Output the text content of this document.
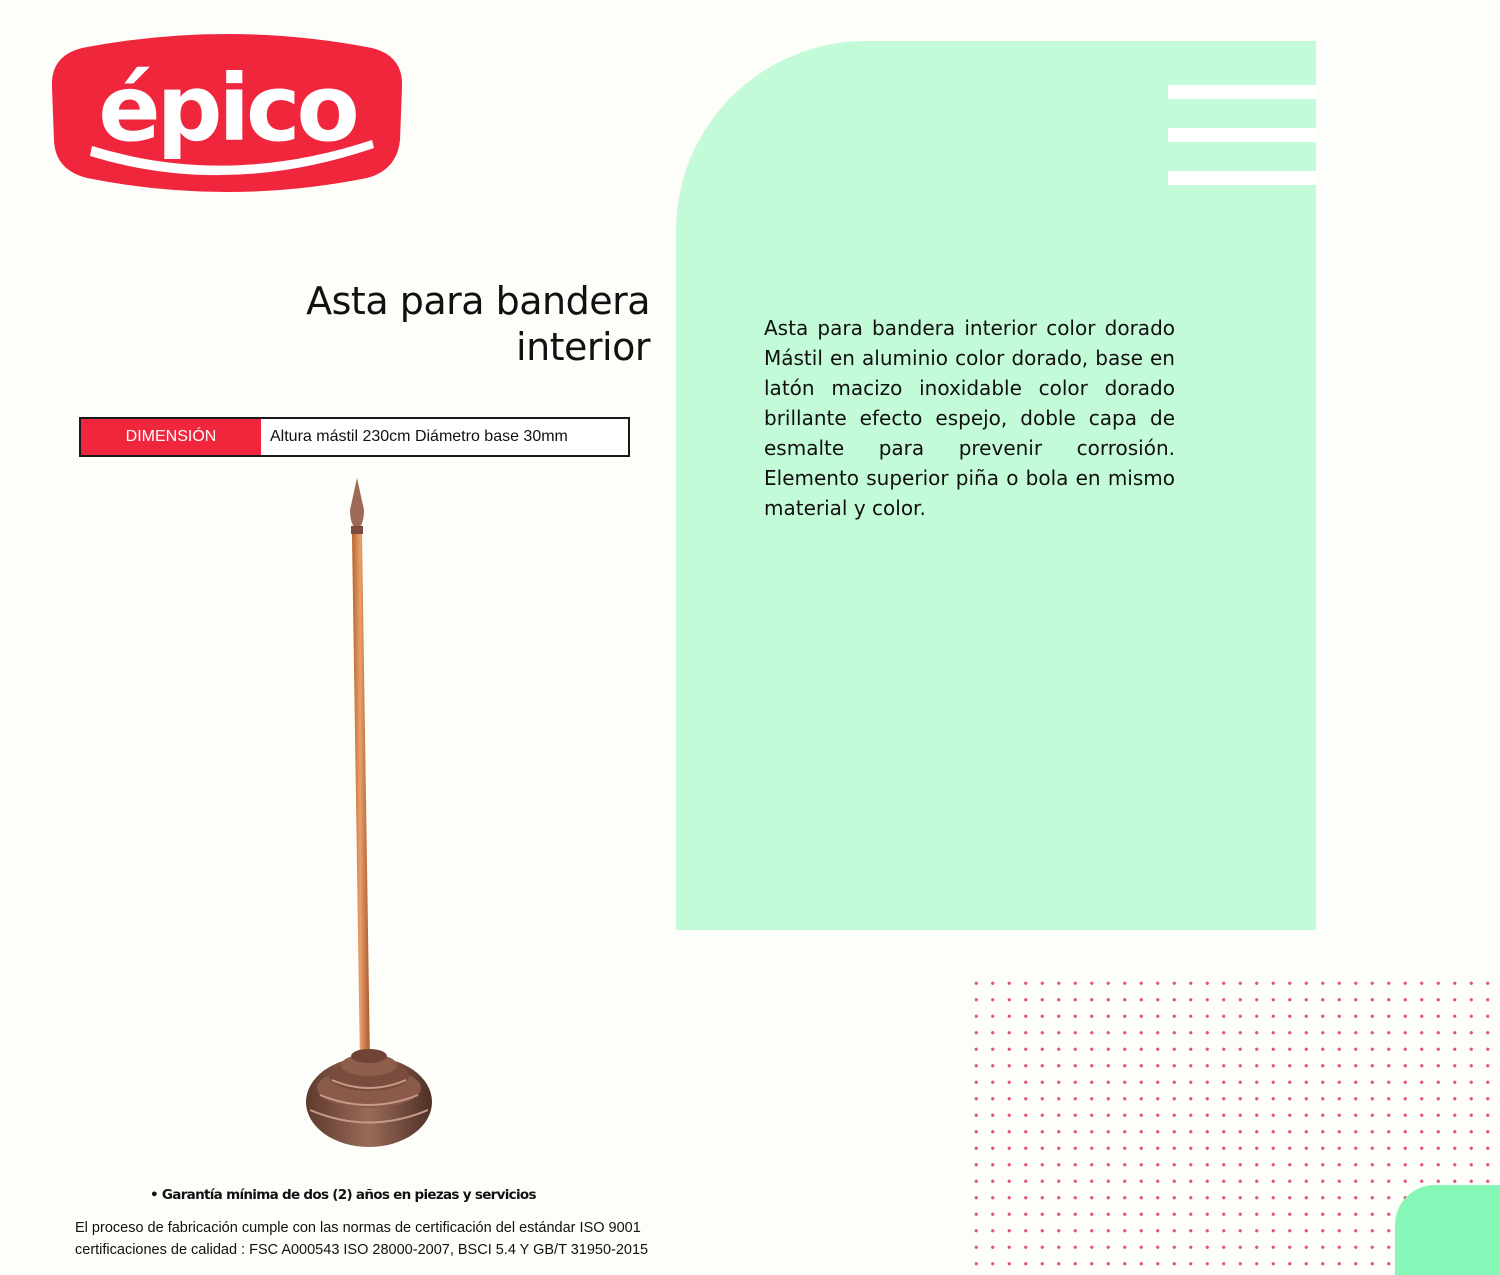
épico
Asta para bandera
interior
DIMENSIÓN	Altura mástil 230cm Diámetro base 30mm
Asta para bandera interior color dorado Mástil en aluminio color dorado, base en latón macizo inoxidable color dorado brillante efecto espejo, doble capa de esmalte para prevenir corrosión. Elemento superior piña o bola en mismo material y color.
• Garantía mínima de dos (2) años en piezas y servicios
El proceso de fabricación cumple con las normas de certificación del estándar ISO 9001
certificaciones de calidad : FSC A000543 ISO 28000-2007, BSCI 5.4 Y GB/T 31950-2015
